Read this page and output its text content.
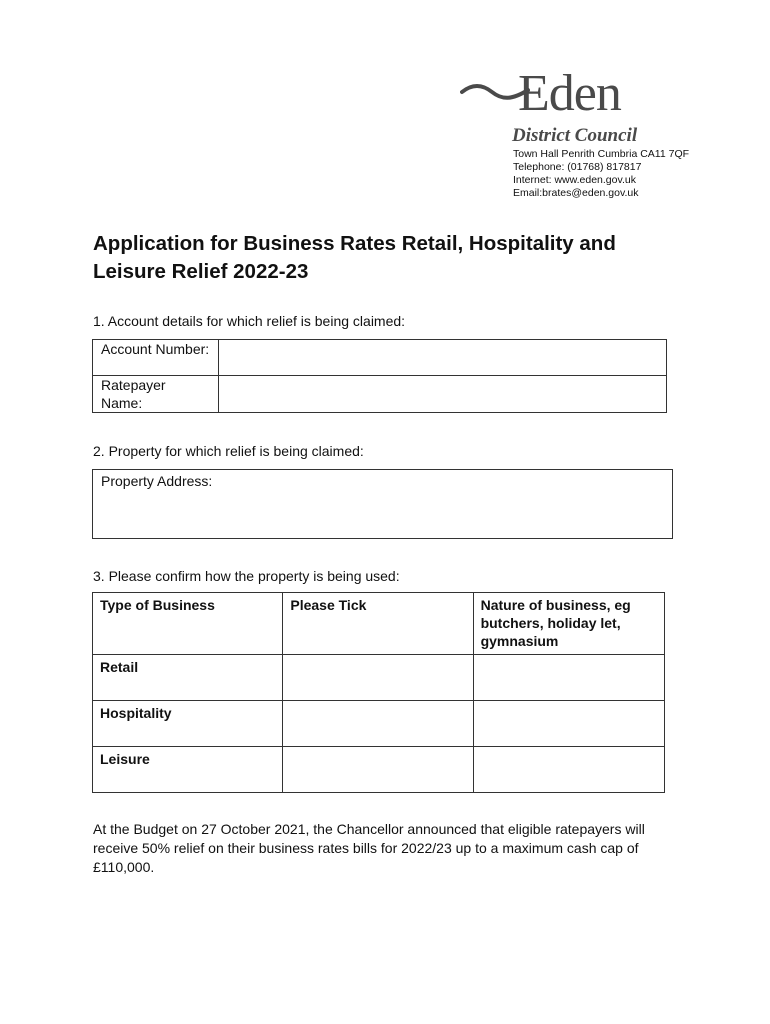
Eden
District Council
Town Hall Penrith Cumbria CA11 7QF
Telephone: (01768) 817817
Internet: www.eden.gov.uk
Email:brates@eden.gov.uk
Application for Business Rates Retail, Hospitality and Leisure Relief 2022-23
1. Account details for which relief is being claimed:
Account Number:	
Ratepayer Name:	
2. Property for which relief is being claimed:
Property Address:
3. Please confirm how the property is being used:
Type of Business	Please Tick	Nature of business, eg butchers, holiday let, gymnasium
Retail		
Hospitality		
Leisure		

At the Budget on 27 October 2021, the Chancellor announced that eligible ratepayers will receive 50% relief on their business rates bills for 2022/23 up to a maximum cash cap of £110,000.
